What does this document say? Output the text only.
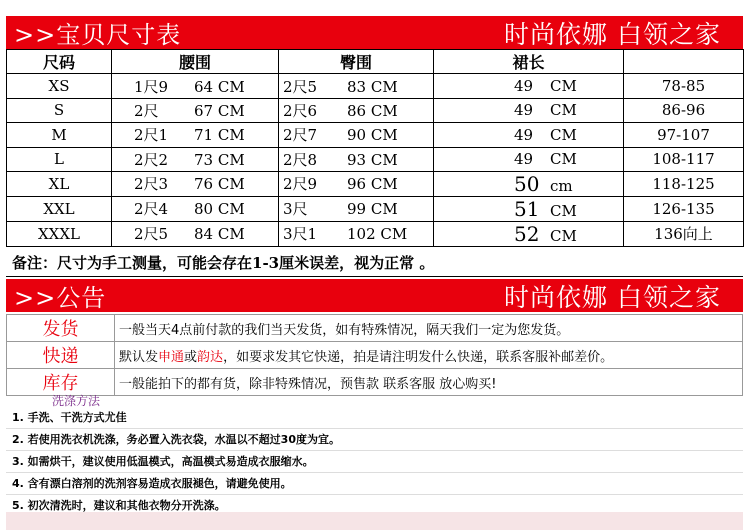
>>宝贝尺寸表	时尚依娜 白领之家
尺码	腰围	臀围	裙长	
XS	1尺9 64 CM	2尺5 83 CM	49 CM	78-85
S	2尺 67 CM	2尺6 86 CM	49 CM	86-96
M	2尺1 71 CM	2尺7 90 CM	49 CM	97-107
L	2尺2 73 CM	2尺8 93 CM	49 CM	108-117
XL	2尺3 76 CM	2尺9 96 CM	50 cm	118-125
XXL	2尺4 80 CM	3尺 99 CM	51 CM	126-135
XXXL	2尺5 84 CM	3尺1 102 CM	52 CM	136向上
备注：尺寸为手工测量，可能会存在1-3厘米误差，视为正常 。
>>公告	时尚依娜 白领之家
发货	一般当天4点前付款的我们当天发货，如有特殊情况，隔天我们一定为您发货。
快递	默认发申通或韵达，如要求发其它快递，拍是请注明发什么快递，联系客服补邮差价。
库存	一般能拍下的都有货，除非特殊情况，预售款 联系客服 放心购买!
洗涤方法
1. 手洗、干洗方式尤佳
2. 若使用洗衣机洗涤，务必置入洗衣袋，水温以不超过30度为宜。
3. 如需烘干，建议使用低温模式，高温模式易造成衣服缩水。
4. 含有漂白溶剂的洗剂容易造成衣服褪色，请避免使用。
5. 初次清洗时，建议和其他衣物分开洗涤。
